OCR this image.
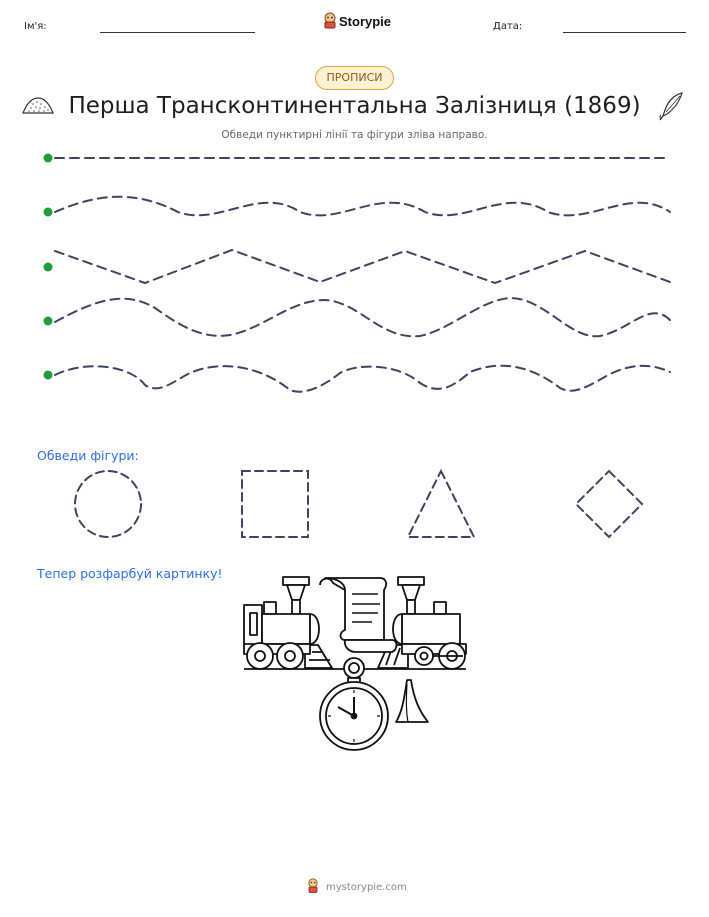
Ім'я:	Storypie	Дата:
ПРОПИСИ
Перша Трансконтинентальна Залізниця (1869)
Обведи пунктирні лінії та фігури зліва направо.
Обведи фігури:
Тепер розфарбуй картинку!
mystorypie.com
